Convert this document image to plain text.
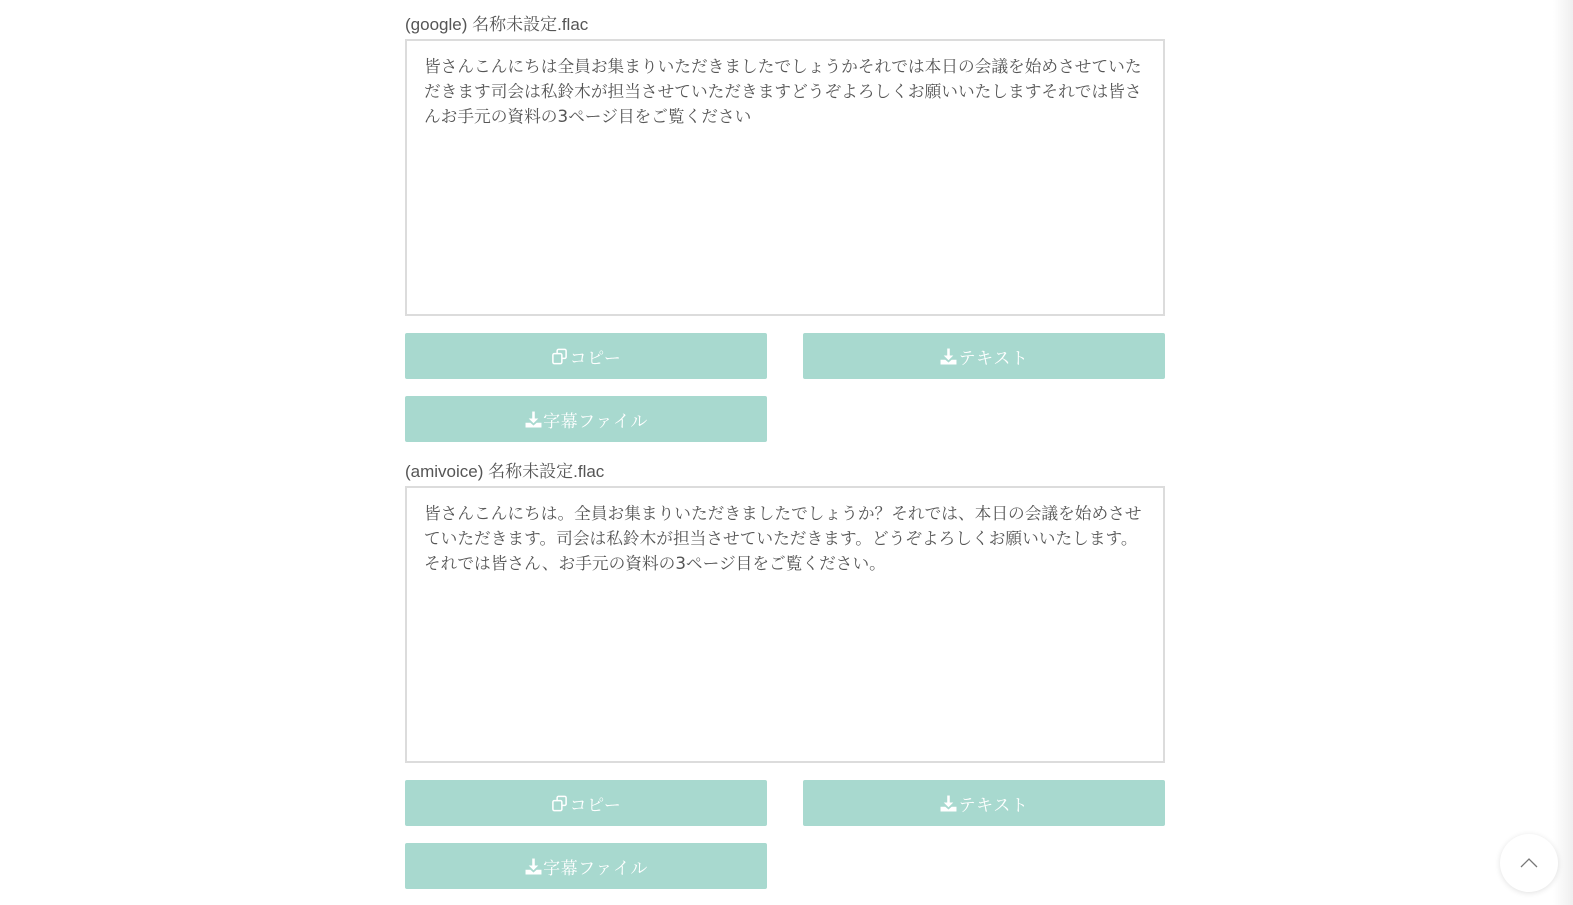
(google) 名称未設定.flac
皆さんこんにちは全員お集まりいただきましたでしょうかそれでは本日の会議を始めさせていただきます司会は私鈴木が担当させていただきますどうぞよろしくお願いいたしますそれでは皆さんお手元の資料の3ページ目をご覧ください
コピー	テキスト
字幕ファイル
(amivoice) 名称未設定.flac
皆さんこんにちは。全員お集まりいただきましたでしょうか？それでは、本日の会議を始めさせていただきます。司会は私鈴木が担当させていただきます。どうぞよろしくお願いいたします。それでは皆さん、お手元の資料の3ページ目をご覧ください。
コピー	テキスト
字幕ファイル
